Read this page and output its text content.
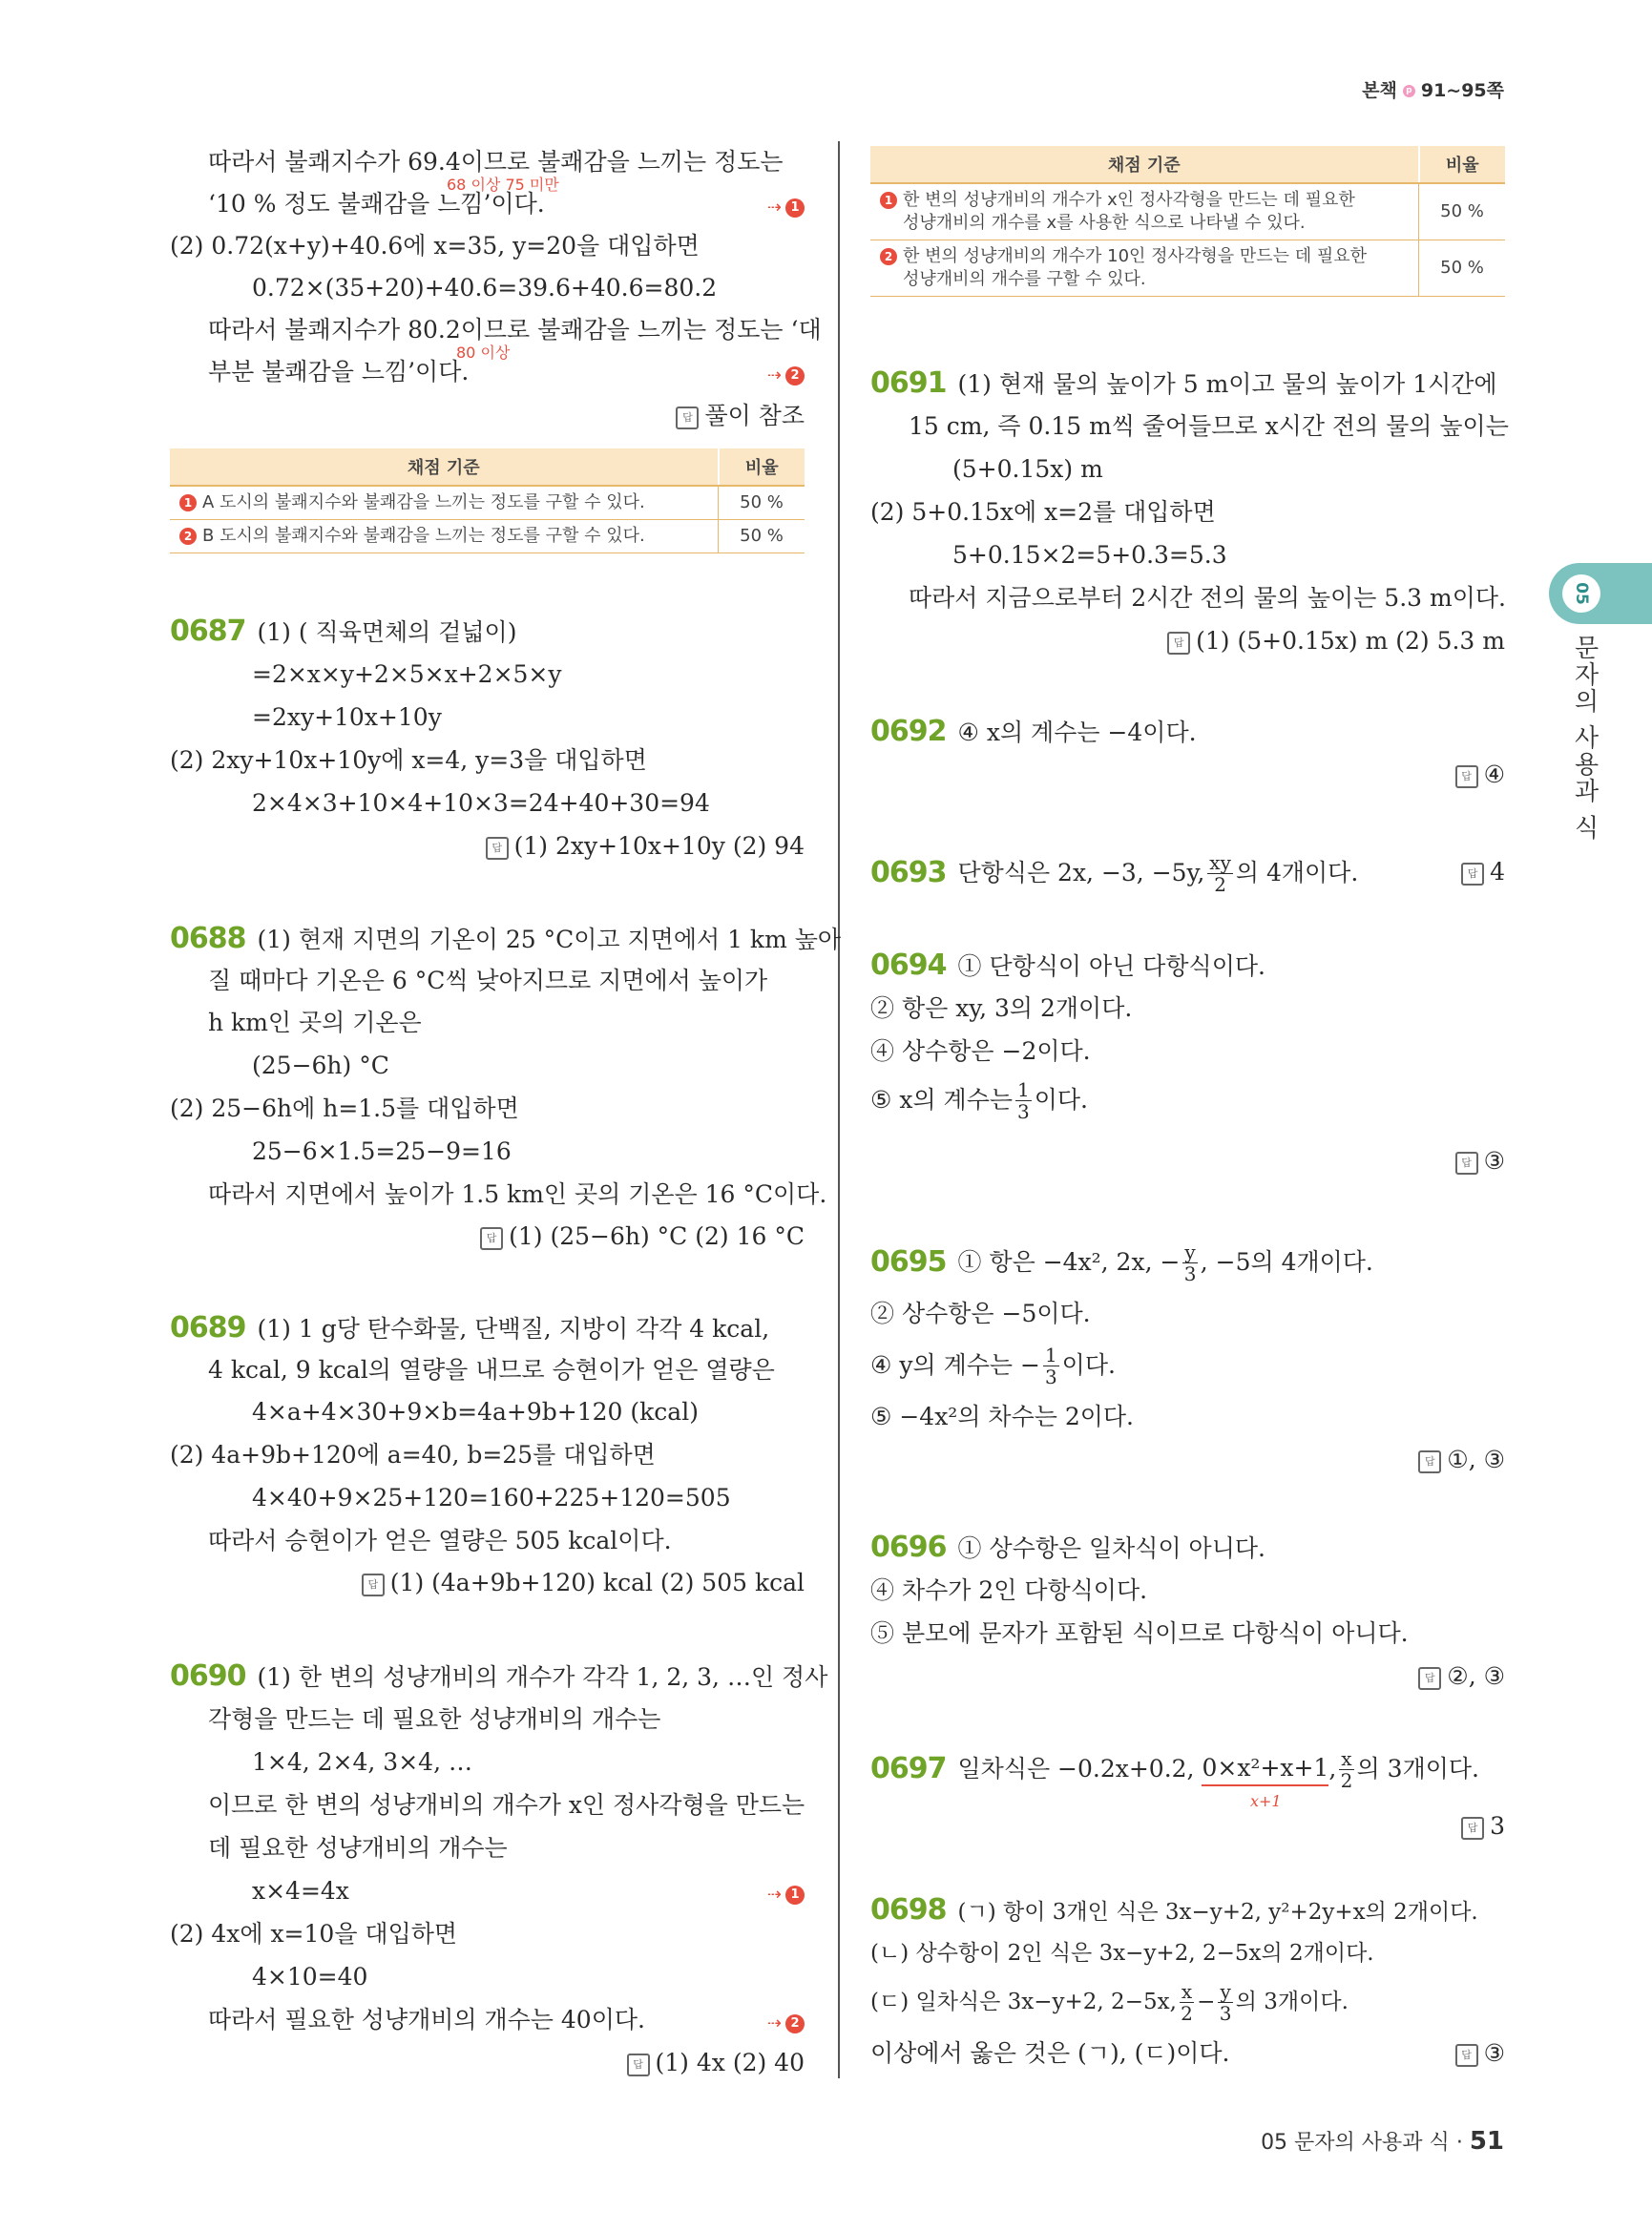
본책 p 91~95쪽
따라서 불쾌지수가 69.4이므로 불쾌감을 느끼는 정도는
68 이상 75 미만
‘10 % 정도 불쾌감을 느낌’이다.	⇢ 1
(2) 0.72(x+y)+40.6에 x=35, y=20을 대입하면
0.72×(35+20)+40.6=39.6+40.6=80.2
따라서 불쾌지수가 80.2이므로 불쾌감을 느끼는 정도는 ‘대
80 이상
부분 불쾌감을 느낌’이다.	⇢ 2
답 풀이 참조
채점 기준	비율
1 A 도시의 불쾌지수와 불쾌감을 느끼는 정도를 구할 수 있다.	50 %
2 B 도시의 불쾌지수와 불쾌감을 느끼는 정도를 구할 수 있다.	50 %
0687 (1) ( 직육면체의 겉넓이)
=2×x×y+2×5×x+2×5×y
=2xy+10x+10y
(2) 2xy+10x+10y에 x=4, y=3을 대입하면
2×4×3+10×4+10×3=24+40+30=94
답 (1) 2xy+10x+10y (2) 94
0688 (1) 현재 지면의 기온이 25 °C이고 지면에서 1 km 높아
질 때마다 기온은 6 °C씩 낮아지므로 지면에서 높이가
h km인 곳의 기온은
(25−6h) °C
(2) 25−6h에 h=1.5를 대입하면
25−6×1.5=25−9=16
따라서 지면에서 높이가 1.5 km인 곳의 기온은 16 °C이다.
답 (1) (25−6h) °C (2) 16 °C
0689 (1) 1 g당 탄수화물, 단백질, 지방이 각각 4 kcal,
4 kcal, 9 kcal의 열량을 내므로 승현이가 얻은 열량은
4×a+4×30+9×b=4a+9b+120 (kcal)
(2) 4a+9b+120에 a=40, b=25를 대입하면
4×40+9×25+120=160+225+120=505
따라서 승현이가 얻은 열량은 505 kcal이다.
답 (1) (4a+9b+120) kcal (2) 505 kcal
0690 (1) 한 변의 성냥개비의 개수가 각각 1, 2, 3, …인 정사
각형을 만드는 데 필요한 성냥개비의 개수는
1×4, 2×4, 3×4, …
이므로 한 변의 성냥개비의 개수가 x인 정사각형을 만드는
데 필요한 성냥개비의 개수는
x×4=4x	⇢ 1
(2) 4x에 x=10을 대입하면
4×10=40
따라서 필요한 성냥개비의 개수는 40이다.	⇢ 2
답 (1) 4x (2) 40
채점 기준	비율
1 한 변의 성냥개비의 개수가 x인 정사각형을 만드는 데 필요한
성냥개비의 개수를 x를 사용한 식으로 나타낼 수 있다.	50 %
2 한 변의 성냥개비의 개수가 10인 정사각형을 만드는 데 필요한
성냥개비의 개수를 구할 수 있다.	50 %
0691 (1) 현재 물의 높이가 5 m이고 물의 높이가 1시간에
15 cm, 즉 0.15 m씩 줄어들므로 x시간 전의 물의 높이는
(5+0.15x) m
(2) 5+0.15x에 x=2를 대입하면
5+0.15×2=5+0.3=5.3
따라서 지금으로부터 2시간 전의 물의 높이는 5.3 m이다.
답 (1) (5+0.15x) m (2) 5.3 m
0692 ④ x의 계수는 −4이다.
답 ④
0693 단항식은 2x, −3, −5y, $\frac{xy}{2}$ 의 4개이다.	답 4
0694 ① 단항식이 아닌 다항식이다.
② 항은 xy, 3의 2개이다.
④ 상수항은 −2이다.
⑤ x의 계수는 $\frac{1}{3}$ 이다.
답 ③
0695 ① 항은 −4x², 2x, − $\frac{y}{3}$ , −5의 4개이다.
② 상수항은 −5이다.
④ y의 계수는 − $\frac{1}{3}$ 이다.
⑤ −4x²의 차수는 2이다.
답 ①, ③
0696 ① 상수항은 일차식이 아니다.
④ 차수가 2인 다항식이다.
⑤ 분모에 문자가 포함된 식이므로 다항식이 아니다.
답 ②, ③
0697 일차식은 −0.2x+0.2,
0×x²+x+1 , $\frac{x}{2}$ 의 3개이다.
x+1
답 3
0698 (ㄱ) 항이 3개인 식은 3x−y+2, y²+2y+x의 2개이다.
(ㄴ) 상수항이 2인 식은 3x−y+2, 2−5x의 2개이다.
(ㄷ) 일차식은 3x−y+2, 2−5x, $\frac{x}{2} - \frac{y}{3}$ 의 3개이다.
이상에서 옳은 것은 (ㄱ), (ㄷ)이다.	답 ③
05
문자의 사용과 식
05 문자의 사용과 식 · 51
